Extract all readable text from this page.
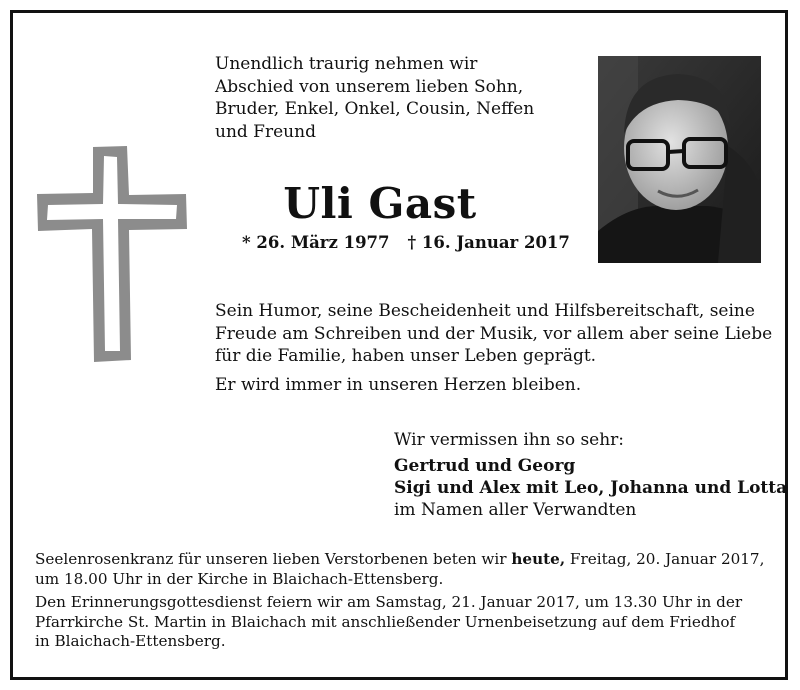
Unendlich traurig nehmen wir
Abschied von unserem lieben Sohn,
Bruder, Enkel, Onkel, Cousin, Neffen
und Freund
Uli Gast
* 26. März 1977 † 16. Januar 2017
Sein Humor, seine Bescheidenheit und Hilfsbereitschaft, seine
Freude am Schreiben und der Musik, vor allem aber seine Liebe
für die Familie, haben unser Leben geprägt.
Er wird immer in unseren Herzen bleiben.
Wir vermissen ihn so sehr:
Gertrud und Georg
Sigi und Alex mit Leo, Johanna und Lotta
im Namen aller Verwandten
Seelenrosenkranz für unseren lieben Verstorbenen beten wir heute, Freitag, 20. Januar 2017,
um 18.00 Uhr in der Kirche in Blaichach-Ettensberg.
Den Erinnerungsgottesdienst feiern wir am Samstag, 21. Januar 2017, um 13.30 Uhr in der
Pfarrkirche St. Martin in Blaichach mit anschließender Urnenbeisetzung auf dem Friedhof
in Blaichach-Ettensberg.
